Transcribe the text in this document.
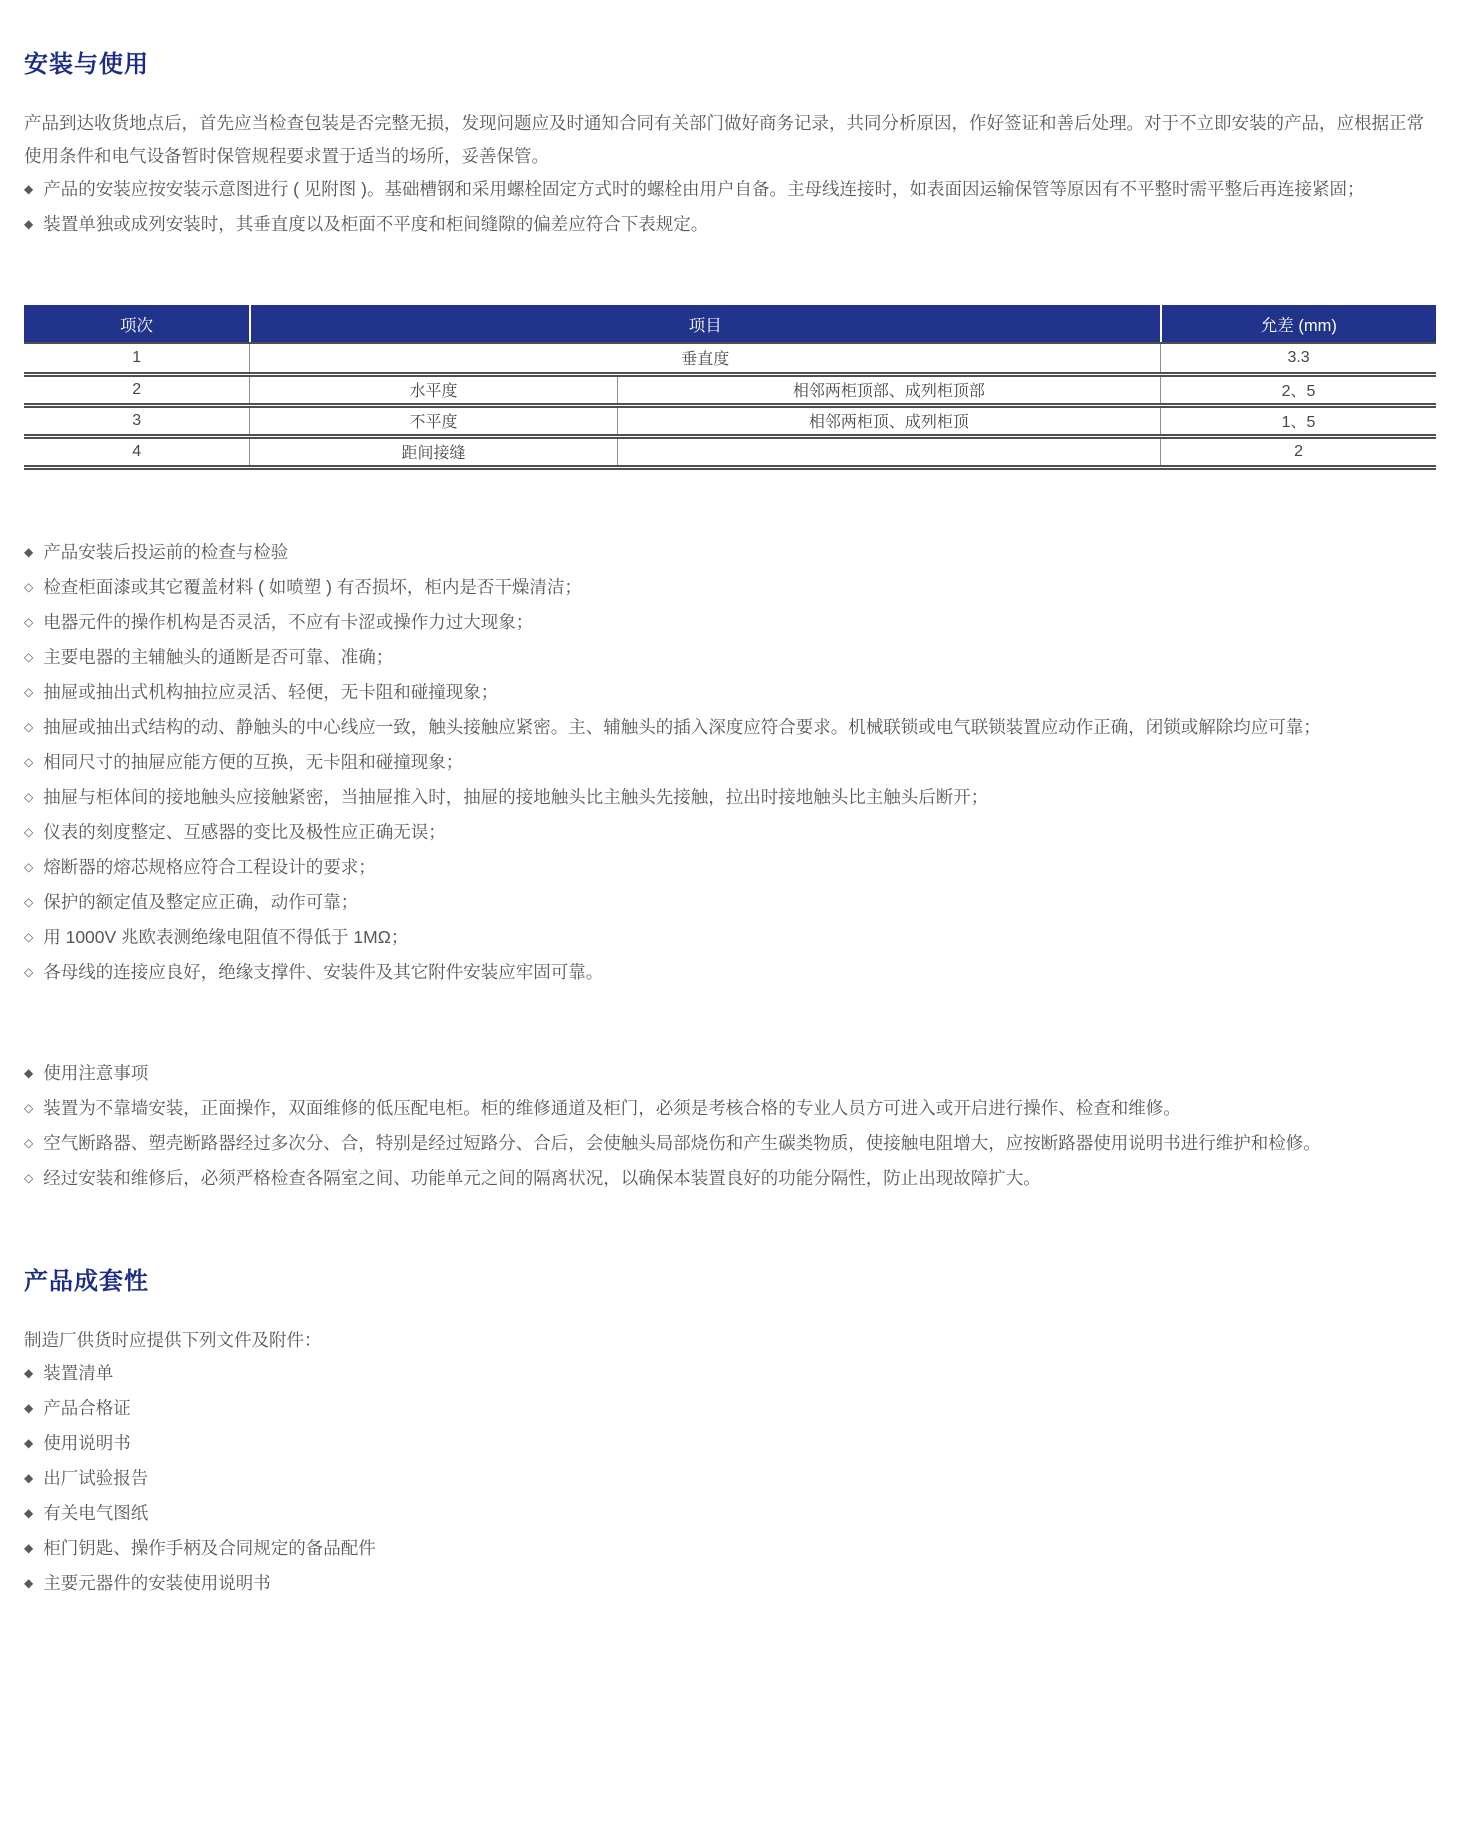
安装与使用

产品到达收货地点后，首先应当检查包装是否完整无损，发现问题应及时通知合同有关部门做好商务记录，共同分析原因，作好签证和善后处理。对于不立即安装的产品，应根据正常使用条件和电气设备暂时保管规程要求置于适当的场所，妥善保管。

◆ 产品的安装应按安装示意图进行 ( 见附图 )。基础槽钢和采用螺栓固定方式时的螺栓由用户自备。主母线连接时，如表面因运输保管等原因有不平整时需平整后再连接紧固；

◆ 装置单独或成列安装时，其垂直度以及柜面不平度和柜间缝隙的偏差应符合下表规定。

项次	项目		允差 (mm)
1	垂直度		3.3
2	水平度	相邻两柜顶部、成列柜顶部	2、5
3	不平度	相邻两柜顶、成列柜顶	1、5
4	距间接缝		2

◆ 产品安装后投运前的检查与检验

◇ 检查柜面漆或其它覆盖材料 ( 如喷塑 ) 有否损坏，柜内是否干燥清洁；

◇ 电器元件的操作机构是否灵活，不应有卡涩或操作力过大现象；

◇ 主要电器的主辅触头的通断是否可靠、准确；

◇ 抽屉或抽出式机构抽拉应灵活、轻便，无卡阻和碰撞现象；

◇ 抽屉或抽出式结构的动、静触头的中心线应一致，触头接触应紧密。主、辅触头的插入深度应符合要求。机械联锁或电气联锁装置应动作正确，闭锁或解除均应可靠；

◇ 相同尺寸的抽屉应能方便的互换，无卡阻和碰撞现象；

◇ 抽屉与柜体间的接地触头应接触紧密，当抽屉推入时，抽屉的接地触头比主触头先接触，拉出时接地触头比主触头后断开；

◇ 仪表的刻度整定、互感器的变比及极性应正确无误；

◇ 熔断器的熔芯规格应符合工程设计的要求；

◇ 保护的额定值及整定应正确，动作可靠；

◇ 用 1000V 兆欧表测绝缘电阻值不得低于 1MΩ；

◇ 各母线的连接应良好，绝缘支撑件、安装件及其它附件安装应牢固可靠。

◆ 使用注意事项

◇ 装置为不靠墙安装，正面操作，双面维修的低压配电柜。柜的维修通道及柜门，必须是考核合格的专业人员方可进入或开启进行操作、检查和维修。

◇ 空气断路器、塑壳断路器经过多次分、合，特别是经过短路分、合后，会使触头局部烧伤和产生碳类物质，使接触电阻增大，应按断路器使用说明书进行维护和检修。

◇ 经过安装和维修后，必须严格检查各隔室之间、功能单元之间的隔离状况，以确保本装置良好的功能分隔性，防止出现故障扩大。

产品成套性

制造厂供货时应提供下列文件及附件：

◆ 装置清单

◆ 产品合格证

◆ 使用说明书

◆ 出厂试验报告

◆ 有关电气图纸

◆ 柜门钥匙、操作手柄及合同规定的备品配件

◆ 主要元器件的安装使用说明书
